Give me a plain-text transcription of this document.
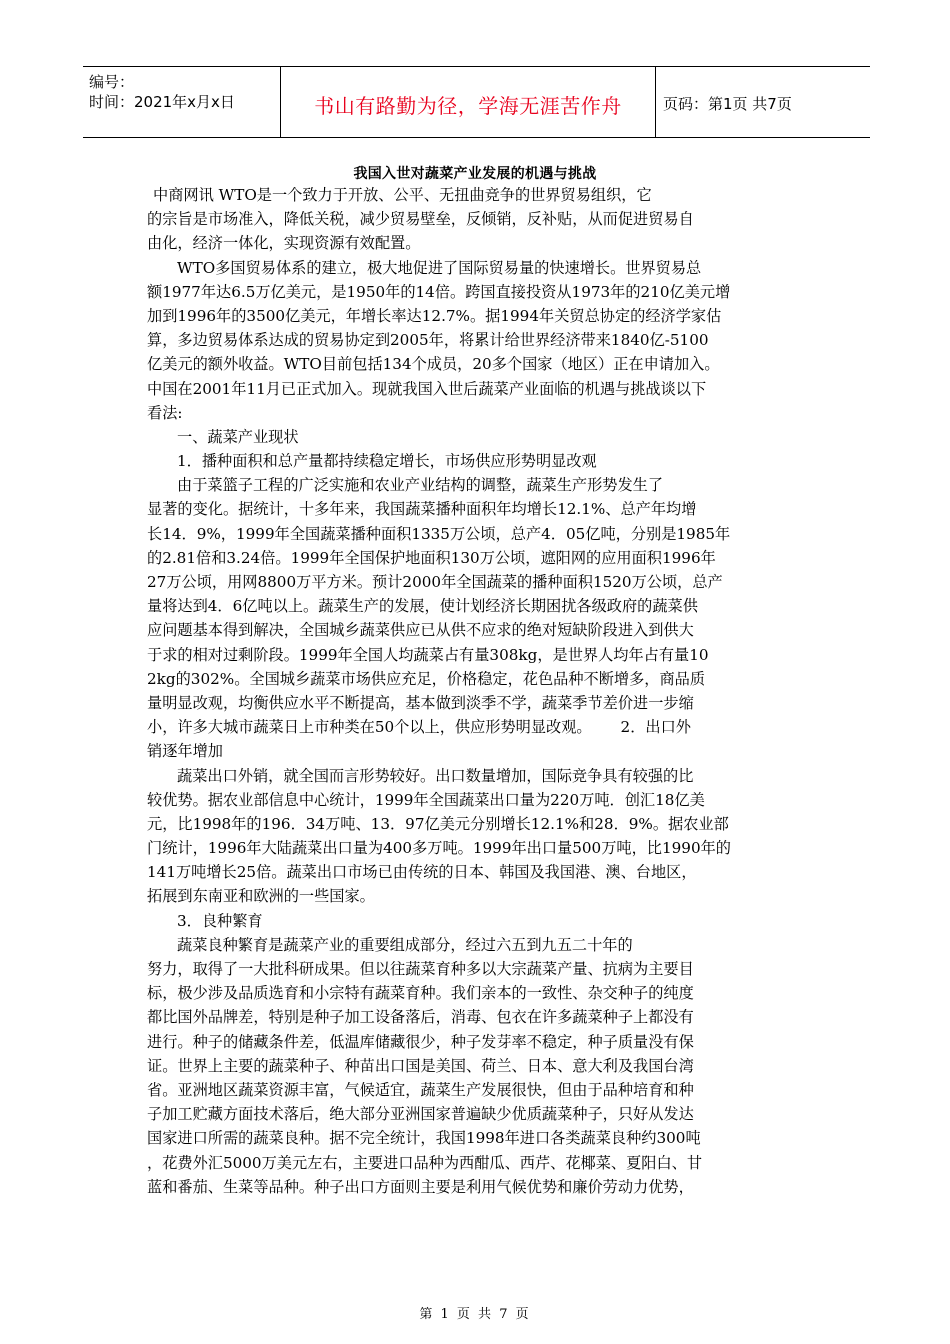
编号：
时间：2021年x月x日	书山有路勤为径，学海无涯苦作舟	页码：第1页 共7页
我国入世对蔬菜产业发展的机遇与挑战
中商网讯 WTO是一个致力于开放、公平、无扭曲竞争的世界贸易组织，它
的宗旨是市场准入，降低关税，减少贸易壁垒，反倾销，反补贴，从而促进贸易自
由化，经济一体化，实现资源有效配置。
WTO多国贸易体系的建立，极大地促进了国际贸易量的快速增长。世界贸易总
额1977年达6.5万亿美元，是1950年的14倍。跨国直接投资从1973年的210亿美元增
加到1996年的3500亿美元，年增长率达12.7%。据1994年关贸总协定的经济学家估
算，多边贸易体系达成的贸易协定到2005年，将累计给世界经济带来1840亿-5100
亿美元的额外收益。WTO目前包括134个成员，20多个国家（地区）正在申请加入。
中国在2001年11月已正式加入。现就我国入世后蔬菜产业面临的机遇与挑战谈以下
看法:
一、蔬菜产业现状
1．播种面积和总产量都持续稳定增长，市场供应形势明显改观
由于菜篮子工程的广泛实施和农业产业结构的调整，蔬菜生产形势发生了
显著的变化。据统计，十多年来，我国蔬菜播种面积年均增长12.1%、总产年均增
长14．9%，1999年全国蔬菜播种面积1335万公顷，总产4．05亿吨，分别是1985年
的2.81倍和3.24倍。1999年全国保护地面积130万公顷，遮阳网的应用面积1996年
27万公顷，用网8800万平方米。预计2000年全国蔬菜的播种面积1520万公顷，总产
量将达到4．6亿吨以上。蔬菜生产的发展，使计划经济长期困扰各级政府的蔬菜供
应问题基本得到解决，全国城乡蔬菜供应已从供不应求的绝对短缺阶段进入到供大
于求的相对过剩阶段。1999年全国人均蔬菜占有量308kg，是世界人均年占有量10
2kg的302%。全国城乡蔬菜市场供应充足，价格稳定，花色品种不断增多，商品质
量明显改观，均衡供应水平不断提高，基本做到淡季不学，蔬菜季节差价进一步缩
小，许多大城市蔬菜日上市种类在50个以上，供应形势明显改观。      2．出口外
销逐年增加
蔬菜出口外销，就全国而言形势较好。出口数量增加，国际竞争具有较强的比
较优势。据农业部信息中心统计，1999年全国蔬菜出口量为220万吨．创汇18亿美
元，比1998年的196．34万吨、13．97亿美元分别增长12.1%和28．9%。据农业部
门统计，1996年大陆蔬菜出口量为400多万吨。1999年出口量500万吨，比1990年的
141万吨增长25倍。蔬菜出口市场已由传统的日本、韩国及我国港、澳、台地区，
拓展到东南亚和欧洲的一些国家。
3．良种繁育
蔬菜良种繁育是蔬菜产业的重要组成部分，经过六五到九五二十年的
努力，取得了一大批科研成果。但以往蔬菜育种多以大宗蔬菜产量、抗病为主要目
标，极少涉及品质选育和小宗特有蔬菜育种。我们亲本的一致性、杂交种子的纯度
都比国外品牌差，特别是种子加工设备落后，消毒、包衣在许多蔬菜种子上都没有
进行。种子的储藏条件差，低温库储藏很少，种子发芽率不稳定，种子质量没有保
证。世界上主要的蔬菜种子、种苗出口国是美国、荷兰、日本、意大利及我国台湾
省。亚洲地区蔬菜资源丰富，气候适宜，蔬菜生产发展很快，但由于品种培育和种
子加工贮藏方面技术落后，绝大部分亚洲国家普遍缺少优质蔬菜种子，只好从发达
国家进口所需的蔬菜良种。据不完全统计，我国1998年进口各类蔬菜良种约300吨
，花费外汇5000万美元左右，主要进口品种为西酣瓜、西芹、花椰菜、夏阳白、甘
蓝和番茄、生菜等品种。种子出口方面则主要是利用气候优势和廉价劳动力优势，
第 1 页 共 7 页
